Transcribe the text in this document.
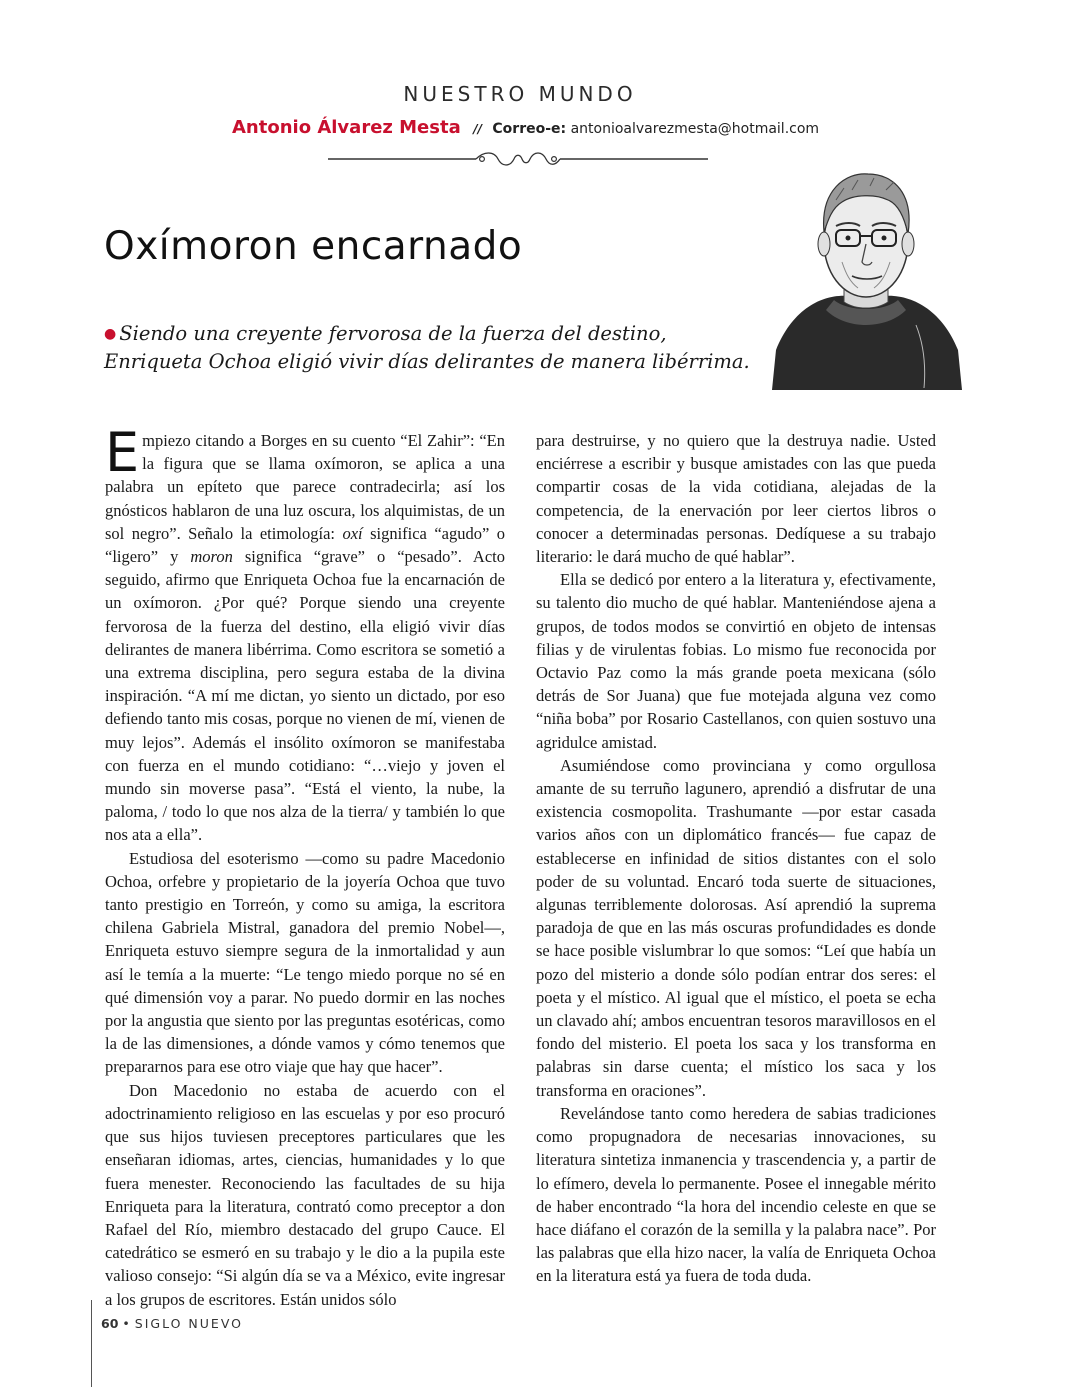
NUESTRO MUNDO
Antonio Álvarez Mesta // Correo-e: antonioalvarezmesta@hotmail.com
Oxímoron encarnado
● Siendo una creyente fervorosa de la fuerza del destino, Enriqueta Ochoa eligió vivir días delirantes de manera libérrima.

Empiezo citando a Borges en su cuento “El Zahir”: “En la figura que se llama oxímoron, se aplica a una palabra un epíteto que parece contradecirla; así los gnósticos hablaron de una luz oscura, los alquimistas, de un sol negro”. Señalo la etimología: oxí significa “agudo” o “ligero” y moron significa “grave” o “pesado”. Acto seguido, afirmo que Enriqueta Ochoa fue la encarnación de un oxímoron. ¿Por qué? Porque siendo una creyente fervorosa de la fuerza del destino, ella eligió vivir días delirantes de manera libérrima. Como escritora se sometió a una extrema disciplina, pero segura estaba de la divina inspiración. “A mí me dictan, yo siento un dictado, por eso defiendo tanto mis cosas, porque no vienen de mí, vienen de muy lejos”. Además el insólito oxímoron se manifestaba con fuerza en el mundo cotidiano: “…viejo y joven el mundo sin moverse pasa”. “Está el viento, la nube, la paloma, / todo lo que nos alza de la tierra/ y también lo que nos ata a ella”.

Estudiosa del esoterismo —como su padre Macedonio Ochoa, orfebre y propietario de la joyería Ochoa que tuvo tanto prestigio en Torreón, y como su amiga, la escritora chilena Gabriela Mistral, ganadora del premio Nobel—, Enriqueta estuvo siempre segura de la inmortalidad y aun así le temía a la muerte: “Le tengo miedo porque no sé en qué dimensión voy a parar. No puedo dormir en las noches por la angustia que siento por las preguntas esotéricas, como la de las dimensiones, a dónde vamos y cómo tenemos que prepararnos para ese otro viaje que hay que hacer”.

Don Macedonio no estaba de acuerdo con el adoctrinamiento religioso en las escuelas y por eso procuró que sus hijos tuviesen preceptores particulares que les enseñaran idiomas, artes, ciencias, humanidades y lo que fuera menester. Reconociendo las facultades de su hija Enriqueta para la literatura, contrató como preceptor a don Rafael del Río, miembro destacado del grupo Cauce. El catedrático se esmeró en su trabajo y le dio a la pupila este valioso consejo: “Si algún día se va a México, evite ingresar a los grupos de escritores. Están unidos sólo

para destruirse, y no quiero que la destruya nadie. Usted enciérrese a escribir y busque amistades con las que pueda compartir cosas de la vida cotidiana, alejadas de la competencia, de la enervación por leer ciertos libros o conocer a determinadas personas. Dedíquese a su trabajo literario: le dará mucho de qué hablar”.

Ella se dedicó por entero a la literatura y, efectivamente, su talento dio mucho de qué hablar. Manteniéndose ajena a grupos, de todos modos se convirtió en objeto de intensas filias y de virulentas fobias. Lo mismo fue reconocida por Octavio Paz como la más grande poeta mexicana (sólo detrás de Sor Juana) que fue motejada alguna vez como “niña boba” por Rosario Castellanos, con quien sostuvo una agridulce amistad.

Asumiéndose como provinciana y como orgullosa amante de su terruño lagunero, aprendió a disfrutar de una existencia cosmopolita. Trashumante —por estar casada varios años con un diplomático francés— fue capaz de establecerse en infinidad de sitios distantes con el solo poder de su voluntad. Encaró toda suerte de situaciones, algunas terriblemente dolorosas. Así aprendió la suprema paradoja de que en las más oscuras profundidades es donde se hace posible vislumbrar lo que somos: “Leí que había un pozo del misterio a donde sólo podían entrar dos seres: el poeta y el místico. Al igual que el místico, el poeta se echa un clavado ahí; ambos encuentran tesoros maravillosos en el fondo del misterio. El poeta los saca y los transforma en palabras sin darse cuenta; el místico los saca y los transforma en oraciones”.

Revelándose tanto como heredera de sabias tradiciones como propugnadora de necesarias innovaciones, su literatura sintetiza inmanencia y trascendencia y, a partir de lo efímero, devela lo permanente. Posee el innegable mérito de haber encontrado “la hora del incendio celeste en que se hace diáfano el corazón de la semilla y la palabra nace”. Por las palabras que ella hizo nacer, la valía de Enriqueta Ochoa en la literatura está ya fuera de toda duda.

60 • SIGLO NUEVO
